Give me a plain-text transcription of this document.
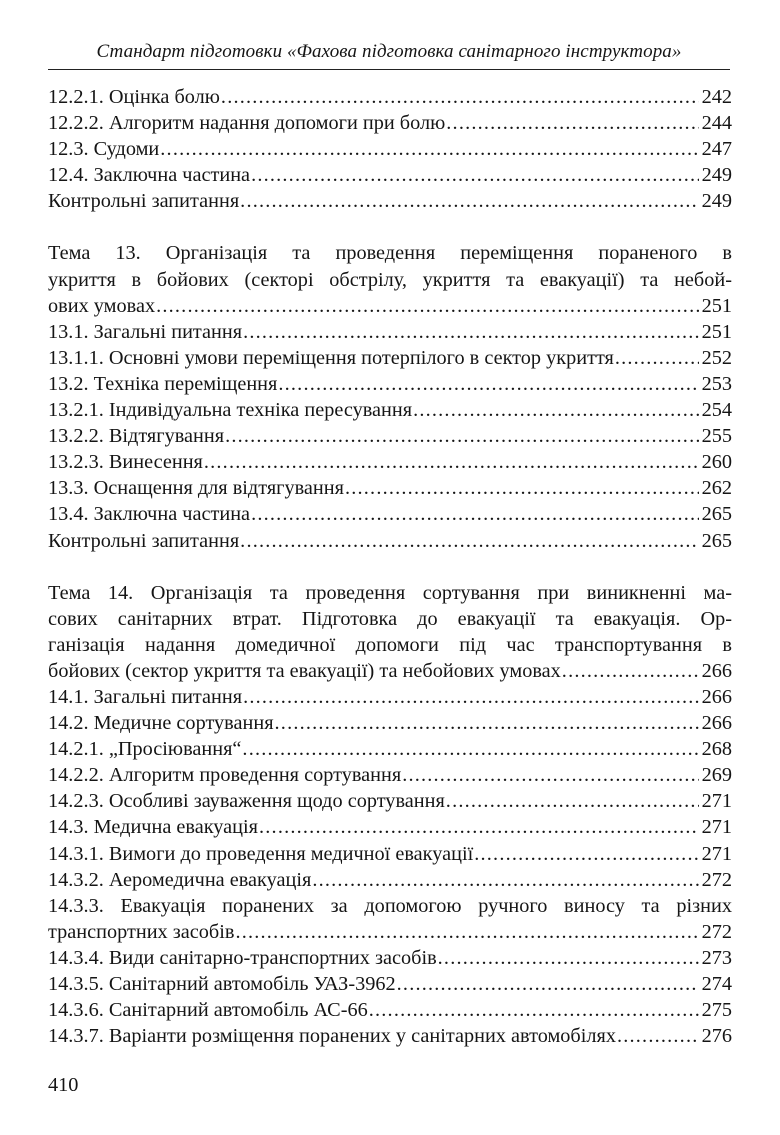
Стандарт підготовки «Фахова підготовка санітарного інструктора»
12.2.1. Оцінка болю .....	242
12.2.2. Алгоритм надання допомоги при болю .....	244
12.3. Судоми .....	247
12.4. Заключна частина .....	249
Контрольні запитання .....	249
Тема 13. Організація та проведення переміщення пораненого в
укриття в бойових (секторі обстрілу, укриття та евакуації) та небой-
ових умовах .....	251
13.1. Загальні питання .....	251
13.1.1. Основні умови переміщення потерпілого в сектор укриття .....	252
13.2. Техніка переміщення .....	253
13.2.1. Індивідуальна техніка пересування .....	254
13.2.2. Відтягування .....	255
13.2.3. Винесення .....	260
13.3. Оснащення для відтягування .....	262
13.4. Заключна частина .....	265
Контрольні запитання .....	265
Тема 14. Організація та проведення сортування при виникненні ма-
сових санітарних втрат. Підготовка до евакуації та евакуація. Ор-
ганізація надання домедичної допомоги під час транспортування в
бойових (сектор укриття та евакуації) та небойових умовах .....	266
14.1. Загальні питання .....	266
14.2. Медичне сортування .....	266
14.2.1. „Просіювання“ .....	268
14.2.2. Алгоритм проведення сортування .....	269
14.2.3. Особливі зауваження щодо сортування .....	271
14.3. Медична евакуація .....	271
14.3.1. Вимоги до проведення медичної евакуації .....	271
14.3.2. Аеромедична евакуація .....	272
14.3.3. Евакуація поранених за допомогою ручного виносу та різних
транспортних засобів .....	272
14.3.4. Види санітарно-транспортних засобів .....	273
14.3.5. Санітарний автомобіль УАЗ-3962 .....	274
14.3.6. Санітарний автомобіль АС-66 .....	275
14.3.7. Варіанти розміщення поранених у санітарних автомобілях .....	276
410
